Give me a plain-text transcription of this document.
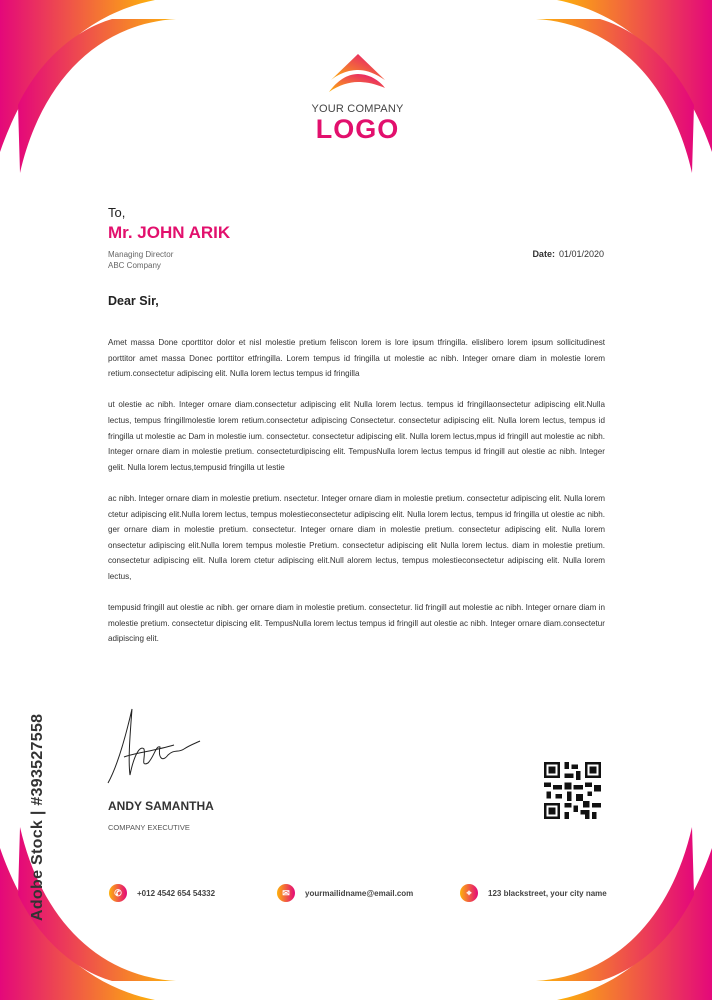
YOUR COMPANY
LOGO
To,
Mr. JOHN ARIK
Managing Director
ABC Company
Date: 01/01/2020
Dear Sir,

Amet massa Done cporttitor dolor et nisl molestie pretium feliscon lorem is lore ipsum tfringilla. elislibero lorem ipsum sollicitudinest porttitor amet massa Donec porttitor etfringilla. Lorem tempus id fringilla ut molestie ac nibh. Integer ornare diam in molestie lorem retium.consectetur adipiscing elit. Nulla lorem lectus tempus id fringilla

ut olestie ac nibh. Integer ornare diam.consectetur adipiscing elit Nulla lorem lectus. tempus id fringillaonsectetur adipiscing elit.Nulla lectus, tempus fringillmolestie lorem retium.consectetur adipiscing Consectetur. consectetur adipiscing elit. Nulla lorem lectus, tempus id fringilla ut molestie ac Dam in molestie ium. consectetur. consectetur adipiscing elit. Nulla lorem lectus,mpus id fringill aut molestie ac nibh. Integer ornare diam in molestie pretium. consecteturdipiscing elit. TempusNulla lorem lectus tempus id fringill aut olestie ac nibh. Integer gelit. Nulla lorem lectus,tempusid fringilla ut lestie

ac nibh. Integer ornare diam in molestie pretium. nsectetur. Integer ornare diam in molestie pretium. consectetur adipiscing elit. Nulla lorem ctetur adipiscing elit.Nulla lorem lectus, tempus molestieconsectetur adipiscing elit. Nulla lorem lectus, tempus id fringilla ut olestie ac nibh. ger ornare diam in molestie pretium. consectetur. Integer ornare diam in molestie pretium. consectetur adipiscing elit. Nulla lorem onsectetur adipiscing elit.Nulla lorem tempus molestie Pretium. consectetur adipiscing elit Nulla lorem lectus. diam in molestie pretium. consectetur adipiscing elit. Nulla lorem ctetur adipiscing elit.Null alorem lectus, tempus molestieconsectetur adipiscing elit. Nulla lorem lectus,

tempusid fringill aut olestie ac nibh. ger ornare diam in molestie pretium. consectetur. Iid fringill aut molestie ac nibh. Integer ornare diam in molestie pretium. consectetur dipiscing elit. TempusNulla lorem lectus tempus id fringill aut olestie ac nibh. Integer ornare diam.consectetur adipiscing elit.

ANDY SAMANTHA
COMPANY EXECUTIVE
✆	+012 4542 654 54332	✉	yourmailidname@email.com	⌖	123 blackstreet, your city name
Adobe Stock | #393527558
